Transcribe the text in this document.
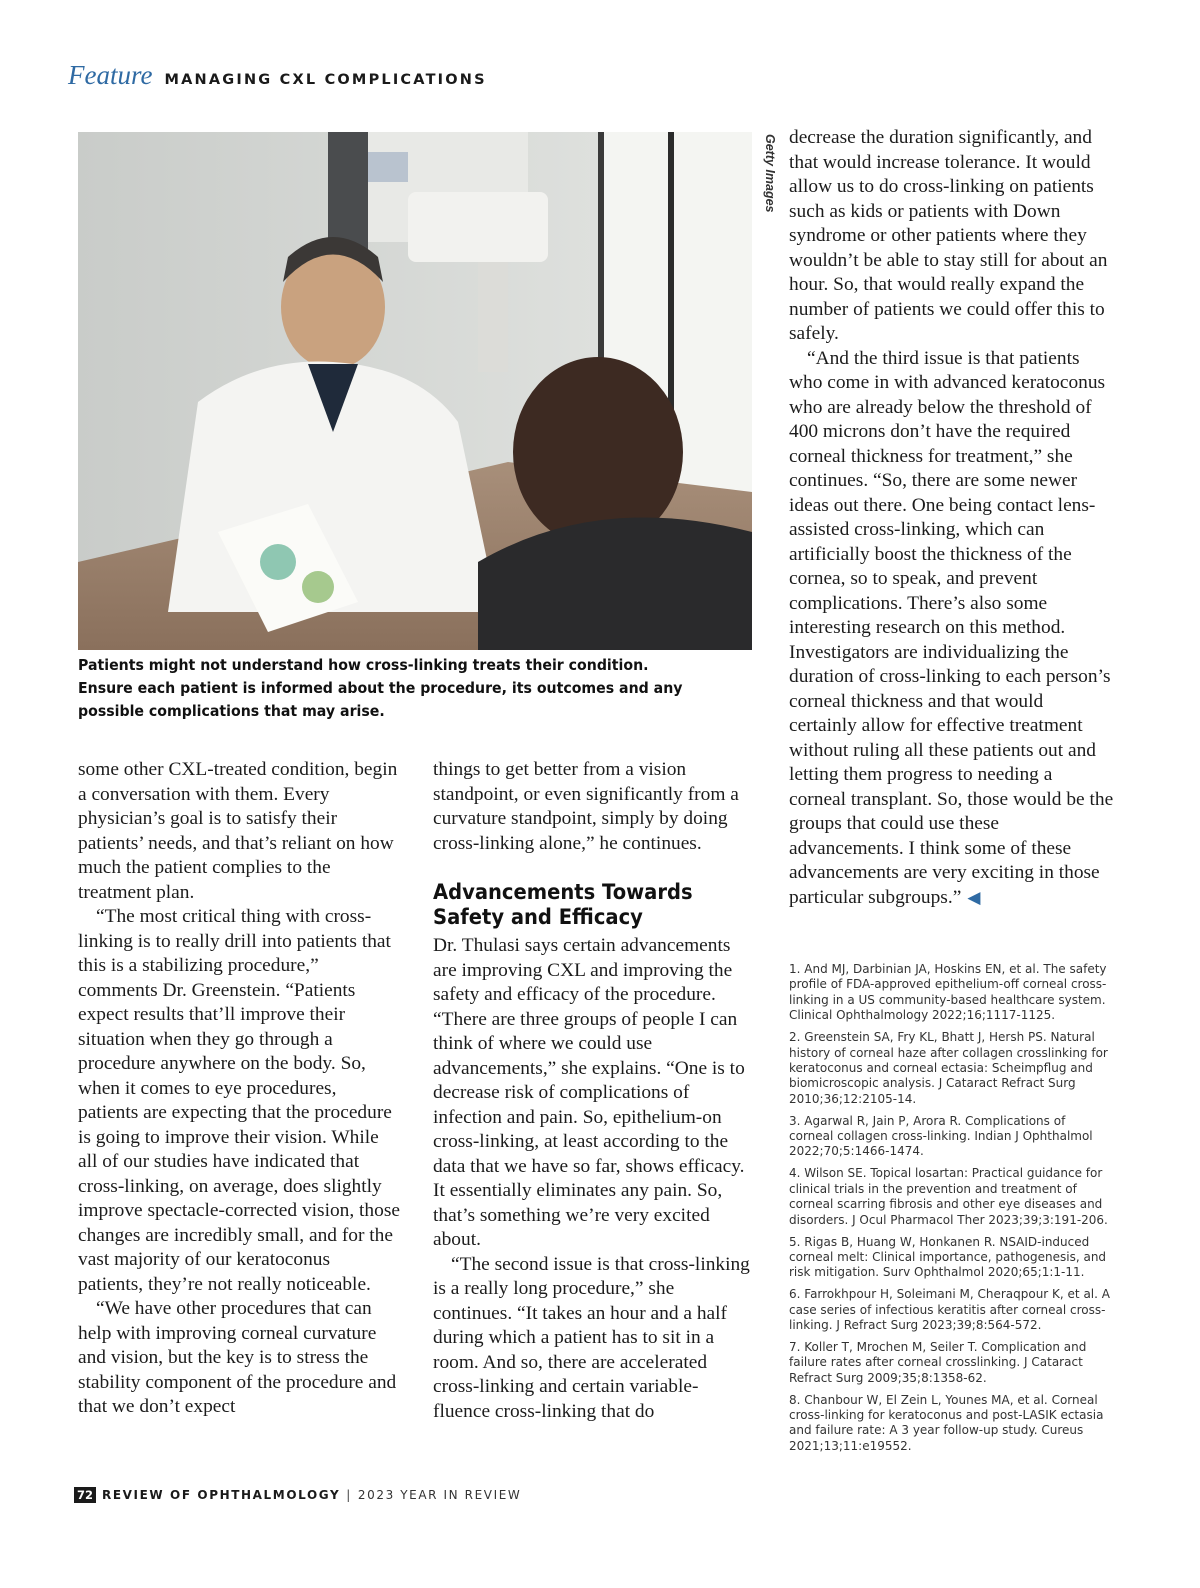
Feature MANAGING CXL COMPLICATIONS
Getty Images
Patients might not understand how cross-linking treats their condition. Ensure each patient is informed about the procedure, its outcomes and any possible complications that may arise.

some other CXL-treated condition, begin a conversation with them. Every physician’s goal is to satisfy their patients’ needs, and that’s reliant on how much the patient complies to the treatment plan.

“The most critical thing with cross-linking is to really drill into patients that this is a stabilizing procedure,” comments Dr. Greenstein. “Patients expect results that’ll improve their situation when they go through a procedure anywhere on the body. So, when it comes to eye procedures, patients are expecting that the procedure is going to improve their vision. While all of our studies have indicated that cross-linking, on average, does slightly improve spectacle-corrected vision, those changes are incredibly small, and for the vast majority of our keratoconus patients, they’re not really noticeable.

“We have other procedures that can help with improving corneal curvature and vision, but the key is to stress the stability component of the procedure and that we don’t expect

things to get better from a vision standpoint, or even significantly from a curvature standpoint, simply by doing cross-linking alone,” he continues.

Advancements Towards Safety and Efficacy

Dr. Thulasi says certain advancements are improving CXL and improving the safety and efficacy of the procedure. “There are three groups of people I can think of where we could use advancements,” she explains. “One is to decrease risk of complications of infection and pain. So, epithelium-on cross-linking, at least according to the data that we have so far, shows efficacy. It essentially eliminates any pain. So, that’s something we’re very excited about.

“The second issue is that cross-linking is a really long procedure,” she continues. “It takes an hour and a half during which a patient has to sit in a room. And so, there are accelerated cross-linking and certain variable-fluence cross-linking that do

decrease the duration significantly, and that would increase tolerance. It would allow us to do cross-linking on patients such as kids or patients with Down syndrome or other patients where they wouldn’t be able to stay still for about an hour. So, that would really expand the number of patients we could offer this to safely.

“And the third issue is that patients who come in with advanced keratoconus who are already below the threshold of 400 microns don’t have the required corneal thickness for treatment,” she continues. “So, there are some newer ideas out there. One being contact lens-assisted cross-linking, which can artificially boost the thickness of the cornea, so to speak, and prevent complications. There’s also some interesting research on this method. Investigators are individualizing the duration of cross-linking to each person’s corneal thickness and that would certainly allow for effective treatment without ruling all these patients out and letting them progress to needing a corneal transplant. So, those would be the groups that could use these advancements. I think some of these advancements are very exciting in those particular subgroups.” ◀

1. And MJ, Darbinian JA, Hoskins EN, et al. The safety profile of FDA-approved epithelium-off corneal cross-linking in a US community-based healthcare system. Clinical Ophthalmology 2022;16;1117-1125.

2. Greenstein SA, Fry KL, Bhatt J, Hersh PS. Natural history of corneal haze after collagen crosslinking for keratoconus and corneal ectasia: Scheimpflug and biomicroscopic analysis. J Cataract Refract Surg 2010;36;12:2105-14.

3. Agarwal R, Jain P, Arora R. Complications of corneal collagen cross-linking. Indian J Ophthalmol 2022;70;5:1466-1474.

4. Wilson SE. Topical losartan: Practical guidance for clinical trials in the prevention and treatment of corneal scarring fibrosis and other eye diseases and disorders. J Ocul Pharmacol Ther 2023;39;3:191-206.

5. Rigas B, Huang W, Honkanen R. NSAID-induced corneal melt: Clinical importance, pathogenesis, and risk mitigation. Surv Ophthalmol 2020;65;1:1-11.

6. Farrokhpour H, Soleimani M, Cheraqpour K, et al. A case series of infectious keratitis after corneal cross-linking. J Refract Surg 2023;39;8:564-572.

7. Koller T, Mrochen M, Seiler T. Complication and failure rates after corneal crosslinking. J Cataract Refract Surg 2009;35;8:1358-62.

8. Chanbour W, El Zein L, Younes MA, et al. Corneal cross-linking for keratoconus and post-LASIK ectasia and failure rate: A 3 year follow-up study. Cureus 2021;13;11:e19552.

72 REVIEW OF OPHTHALMOLOGY | 2023 YEAR IN REVIEW
